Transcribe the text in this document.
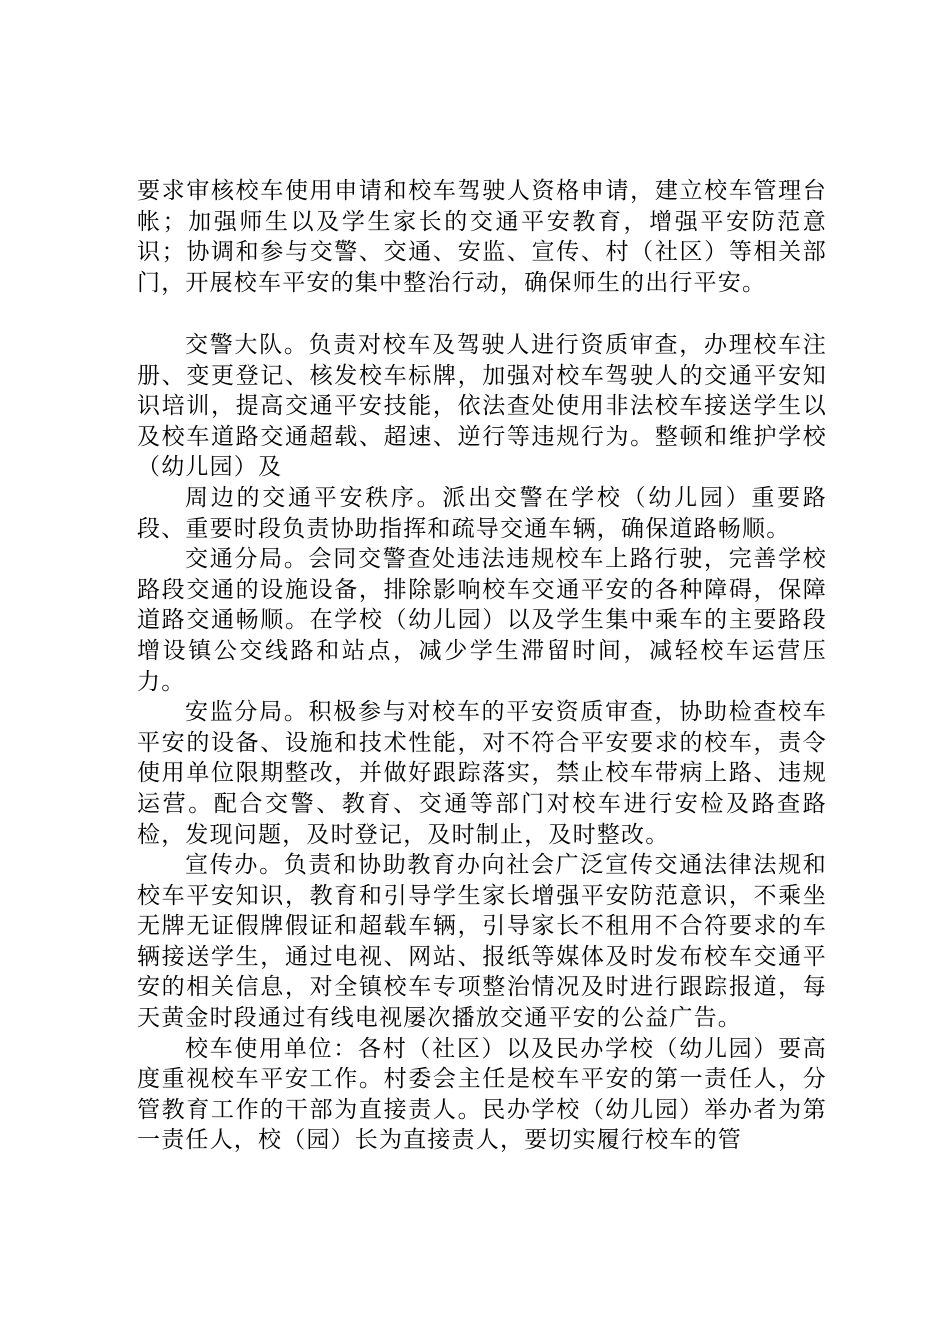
要求审核校车使用申请和校车驾驶人资格申请，建立校车管理台帐；加强师生以及学生家长的交通平安教育，增强平安防范意识；协调和参与交警、交通、安监、宣传、村（社区）等相关部门，开展校车平安的集中整治行动，确保师生的出行平安。

交警大队。负责对校车及驾驶人进行资质审查，办理校车注册、变更登记、核发校车标牌，加强对校车驾驶人的交通平安知识培训，提高交通平安技能，依法查处使用非法校车接送学生以及校车道路交通超载、超速、逆行等违规行为。整顿和维护学校（幼儿园）及

周边的交通平安秩序。派出交警在学校（幼儿园）重要路段、重要时段负责协助指挥和疏导交通车辆，确保道路畅顺。

交通分局。会同交警查处违法违规校车上路行驶，完善学校路段交通的设施设备，排除影响校车交通平安的各种障碍，保障道路交通畅顺。在学校（幼儿园）以及学生集中乘车的主要路段增设镇公交线路和站点，减少学生滞留时间，减轻校车运营压力。

安监分局。积极参与对校车的平安资质审查，协助检查校车平安的设备、设施和技术性能，对不符合平安要求的校车，责令使用单位限期整改，并做好跟踪落实，禁止校车带病上路、违规运营。配合交警、教育、交通等部门对校车进行安检及路查路检，发现问题，及时登记，及时制止，及时整改。

宣传办。负责和协助教育办向社会广泛宣传交通法律法规和校车平安知识，教育和引导学生家长增强平安防范意识，不乘坐无牌无证假牌假证和超载车辆，引导家长不租用不合符要求的车辆接送学生，通过电视、网站、报纸等媒体及时发布校车交通平安的相关信息，对全镇校车专项整治情况及时进行跟踪报道，每天黄金时段通过有线电视屡次播放交通平安的公益广告。

校车使用单位：各村（社区）以及民办学校（幼儿园）要高度重视校车平安工作。村委会主任是校车平安的第一责任人，分管教育工作的干部为直接责人。民办学校（幼儿园）举办者为第一责任人，校（园）长为直接责人，要切实履行校车的管
